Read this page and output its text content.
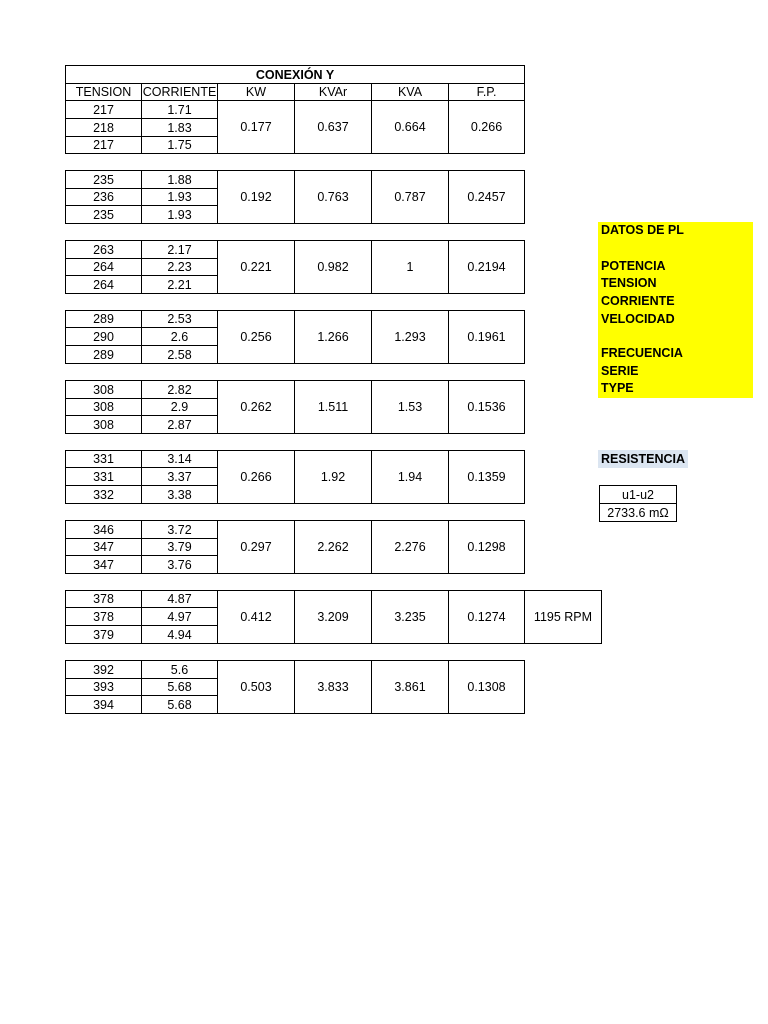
CONEXIÓN Y					
TENSION	CORRIENTE	KW	KVAr	KVA	F.P.
217	1.71	0.177	0.637	0.664	0.266
218	1.83				
217	1.75				
235	1.88	0.192	0.763	0.787	0.2457
236	1.93				
235	1.93				
263	2.17	0.221	0.982	1	0.2194
264	2.23				
264	2.21				
289	2.53	0.256	1.266	1.293	0.1961
290	2.6				
289	2.58				
308	2.82	0.262	1.511	1.53	0.1536
308	2.9				
308	2.87				
331	3.14	0.266	1.92	1.94	0.1359
331	3.37				
332	3.38				
346	3.72	0.297	2.262	2.276	0.1298
347	3.79				
347	3.76				
378	4.87	0.412	3.209	3.235	0.1274	1195 RPM
378	4.97					
379	4.94					
392	5.6	0.503	3.833	3.861	0.1308
393	5.68				
394	5.68				
DATOS DE PL
POTENCIA
TENSION
CORRIENTE
VELOCIDAD
FRECUENCIA
SERIE
TYPE
RESISTENCIA
u1-u2
2733.6 mΩ
